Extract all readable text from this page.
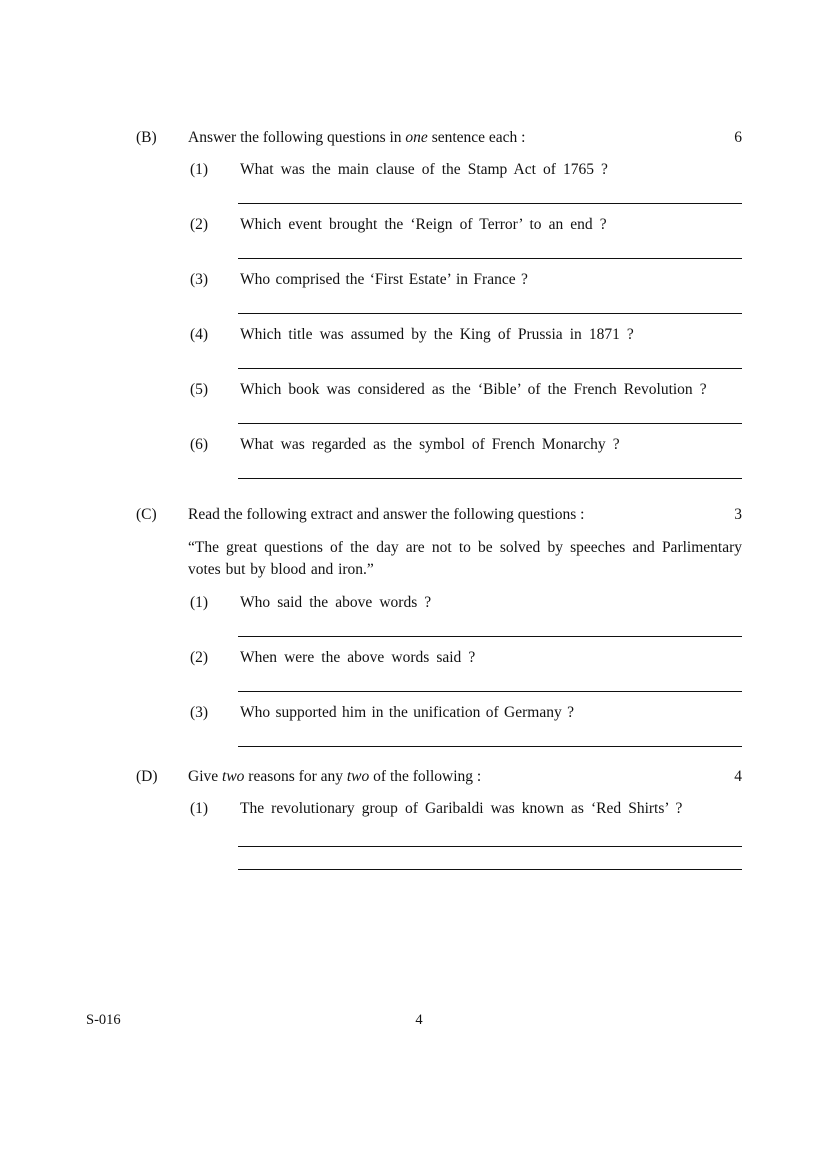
(B)	Answer the following questions in one sentence each :	6
(1)	What was the main clause of the Stamp Act of 1765 ?
(2)	Which event brought the ‘Reign of Terror’ to an end ?
(3)	Who comprised the ‘First Estate’ in France ?
(4)	Which title was assumed by the King of Prussia in 1871 ?
(5)	Which book was considered as the ‘Bible’ of the French Revolution ?
(6)	What was regarded as the symbol of French Monarchy ?
(C)	Read the following extract and answer the following questions :	3
“The great questions of the day are not to be solved by speeches and Parlimentary votes but by blood and iron.”
(1)	Who said the above words ?
(2)	When were the above words said ?
(3)	Who supported him in the unification of Germany ?
(D)	Give two reasons for any two of the following :	4
(1)	The revolutionary group of Garibaldi was known as ‘Red Shirts’ ?
S-016	4
